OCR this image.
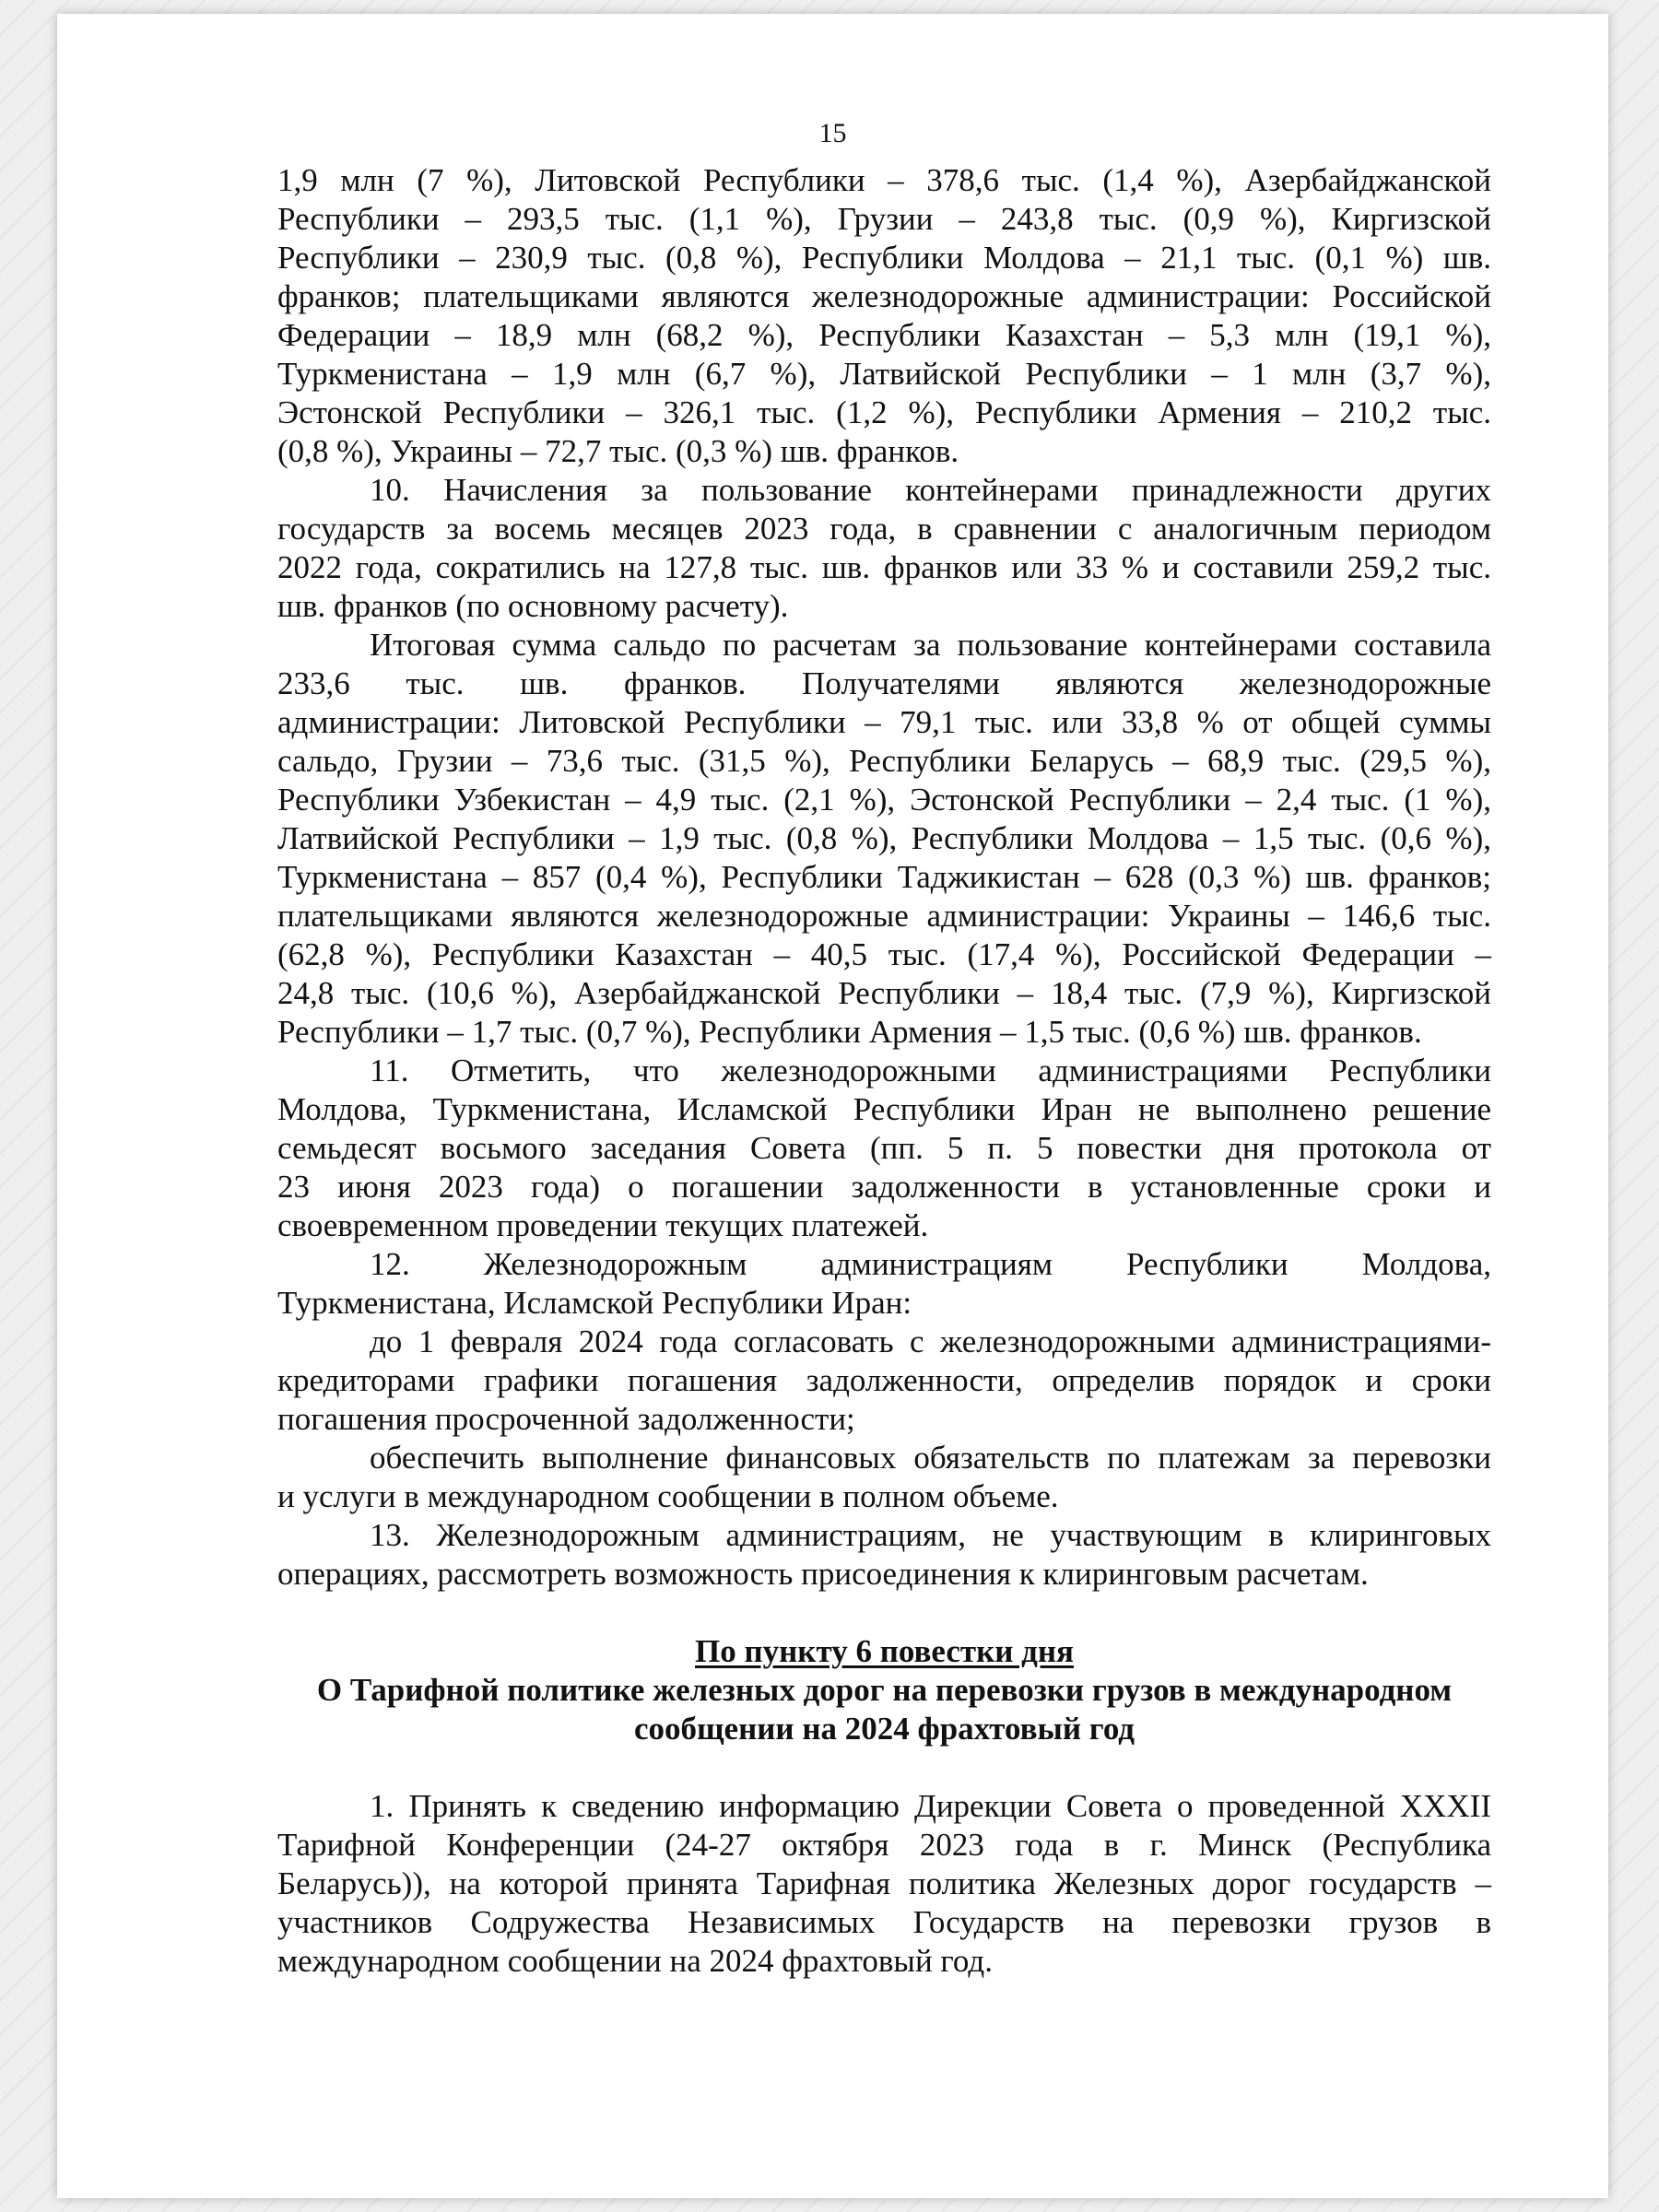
15
1,9 млн (7 %), Литовской Республики – 378,6 тыс. (1,4 %), Азербайджанской
Республики – 293,5 тыс. (1,1 %), Грузии – 243,8 тыс. (0,9 %), Киргизской
Республики – 230,9 тыс. (0,8 %), Республики Молдова – 21,1 тыс. (0,1 %) шв.
франков; плательщиками являются железнодорожные администрации: Российской
Федерации – 18,9 млн (68,2 %), Республики Казахстан – 5,3 млн (19,1 %),
Туркменистана – 1,9 млн (6,7 %), Латвийской Республики – 1 млн (3,7 %),
Эстонской Республики – 326,1 тыс. (1,2 %), Республики Армения – 210,2 тыс.
(0,8 %), Украины – 72,7 тыс. (0,3 %) шв. франков.
10. Начисления за пользование контейнерами принадлежности других
государств за восемь месяцев 2023 года, в сравнении с аналогичным периодом
2022 года, сократились на 127,8 тыс. шв. франков или 33 % и составили 259,2 тыс.
шв. франков (по основному расчету).
Итоговая сумма сальдо по расчетам за пользование контейнерами составила
233,6 тыс. шв. франков. Получателями являются железнодорожные
администрации: Литовской Республики – 79,1 тыс. или 33,8 % от общей суммы
сальдо, Грузии – 73,6 тыс. (31,5 %), Республики Беларусь – 68,9 тыс. (29,5 %),
Республики Узбекистан – 4,9 тыс. (2,1 %), Эстонской Республики – 2,4 тыс. (1 %),
Латвийской Республики – 1,9 тыс. (0,8 %), Республики Молдова – 1,5 тыс. (0,6 %),
Туркменистана – 857 (0,4 %), Республики Таджикистан – 628 (0,3 %) шв. франков;
плательщиками являются железнодорожные администрации: Украины – 146,6 тыс.
(62,8 %), Республики Казахстан – 40,5 тыс. (17,4 %), Российской Федерации –
24,8 тыс. (10,6 %), Азербайджанской Республики – 18,4 тыс. (7,9 %), Киргизской
Республики – 1,7 тыс. (0,7 %), Республики Армения – 1,5 тыс. (0,6 %) шв. франков.
11. Отметить, что железнодорожными администрациями Республики
Молдова, Туркменистана, Исламской Республики Иран не выполнено решение
семьдесят восьмого заседания Совета (пп. 5 п. 5 повестки дня протокола от
23 июня 2023 года) о погашении задолженности в установленные сроки и
своевременном проведении текущих платежей.
12. Железнодорожным администрациям Республики Молдова,
Туркменистана, Исламской Республики Иран:
до 1 февраля 2024 года согласовать с железнодорожными администрациями-
кредиторами графики погашения задолженности, определив порядок и сроки
погашения просроченной задолженности;
обеспечить выполнение финансовых обязательств по платежам за перевозки
и услуги в международном сообщении в полном объеме.
13. Железнодорожным администрациям, не участвующим в клиринговых
операциях, рассмотреть возможность присоединения к клиринговым расчетам.
По пункту 6 повестки дня
О Тарифной политике железных дорог на перевозки грузов в международном
сообщении на 2024 фрахтовый год
1. Принять к сведению информацию Дирекции Совета о проведенной XXXII
Тарифной Конференции (24-27 октября 2023 года в г. Минск (Республика
Беларусь)), на которой принята Тарифная политика Железных дорог государств –
участников Содружества Независимых Государств на перевозки грузов в
международном сообщении на 2024 фрахтовый год.
